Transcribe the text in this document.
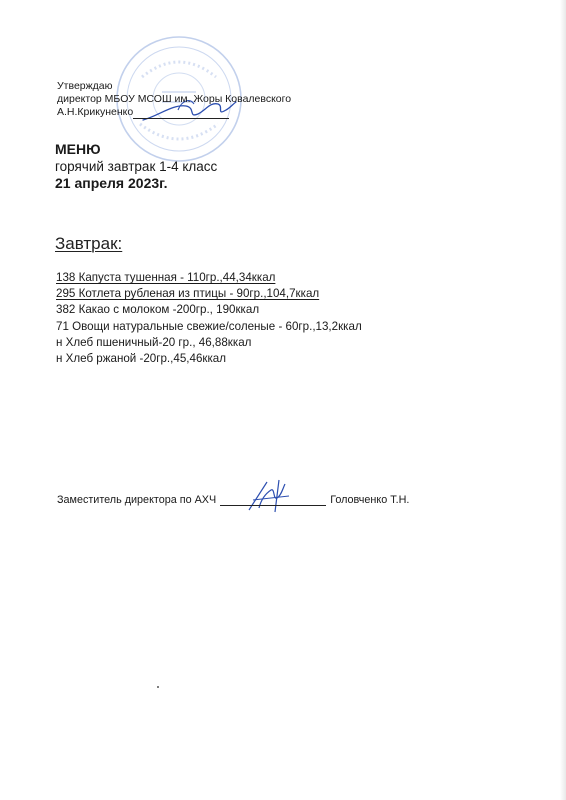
Утверждаю
директор МБОУ МСОШ им. Жоры Ковалевского
А.Н.Крикуненко
МЕНЮ
горячий завтрак 1-4 класс
21 апреля 2023г.
Завтрак:
138 Капуста тушенная - 110гр.,44,34ккал
295 Котлета рубленая из птицы - 90гр.,104,7ккал
382 Какао с молоком -200гр., 190ккал
71 Овощи натуральные свежие/соленые - 60гр.,13,2ккал
н Хлеб пшеничный-20 гр., 46,88ккал
н Хлеб ржаной -20гр.,45,46ккал
Заместитель директора по АХЧ	Головченко Т.Н.
